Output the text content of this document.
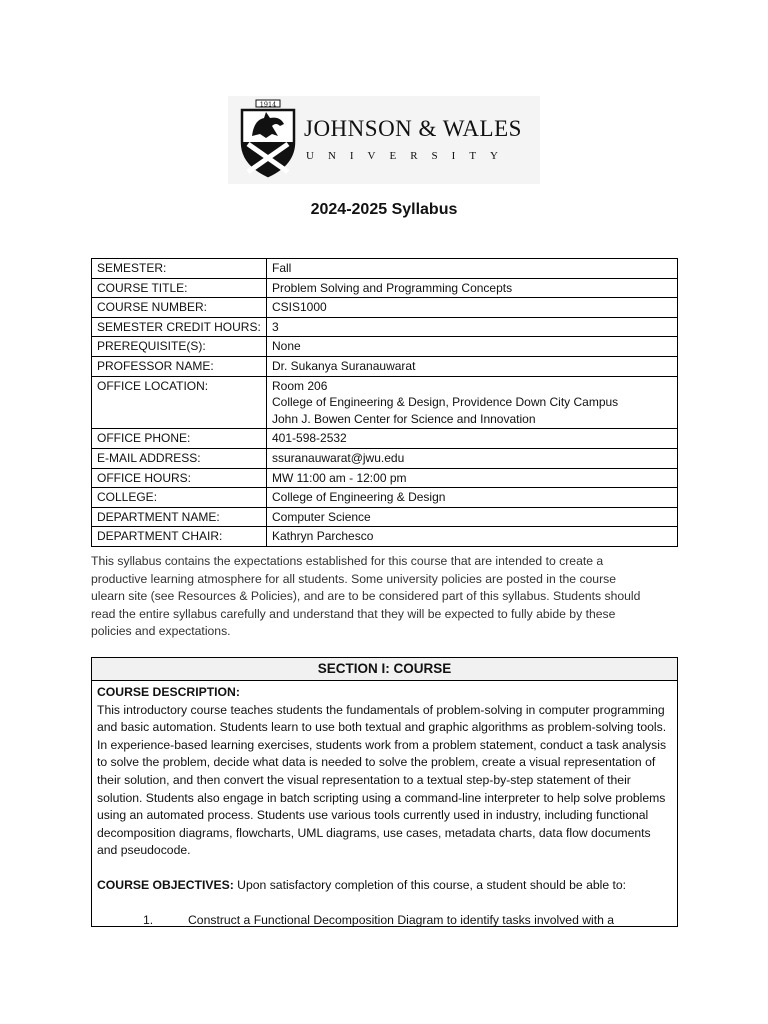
1914
JOHNSON & WALES
UNIVERSITY
2024-2025 Syllabus
SEMESTER:	Fall

COURSE TITLE:	Problem Solving and Programming Concepts

COURSE NUMBER:	CSIS1000

SEMESTER CREDIT HOURS:	3

PREREQUISITE(S):	None

PROFESSOR NAME:	Dr. Sukanya Suranauwarat

OFFICE LOCATION:	Room 206
College of Engineering & Design, Providence Down City Campus
John J. Bowen Center for Science and Innovation

OFFICE PHONE:	401-598-2532

E-MAIL ADDRESS:	ssuranauwarat@jwu.edu

OFFICE HOURS:	MW 11:00 am - 12:00 pm

COLLEGE:	College of Engineering & Design

DEPARTMENT NAME:	Computer Science

DEPARTMENT CHAIR:	Kathryn Parchesco

This syllabus contains the expectations established for this course that are intended to create a productive learning atmosphere for all students. Some university policies are posted in the course ulearn site (see Resources & Policies), and are to be considered part of this syllabus. Students should read the entire syllabus carefully and understand that they will be expected to fully abide by these policies and expectations.

SECTION I: COURSE

COURSE DESCRIPTION:

This introductory course teaches students the fundamentals of problem-solving in computer programming and basic automation. Students learn to use both textual and graphic algorithms as problem-solving tools. In experience-based learning exercises, students work from a problem statement, conduct a task analysis to solve the problem, decide what data is needed to solve the problem, create a visual representation of their solution, and then convert the visual representation to a textual step-by-step statement of their solution. Students also engage in batch scripting using a command-line interpreter to help solve problems using an automated process. Students use various tools currently used in industry, including functional decomposition diagrams, flowcharts, UML diagrams, use cases, metadata charts, data flow documents and pseudocode.

COURSE OBJECTIVES: Upon satisfactory completion of this course, a student should be able to:

1.	Construct a Functional Decomposition Diagram to identify tasks involved with a
